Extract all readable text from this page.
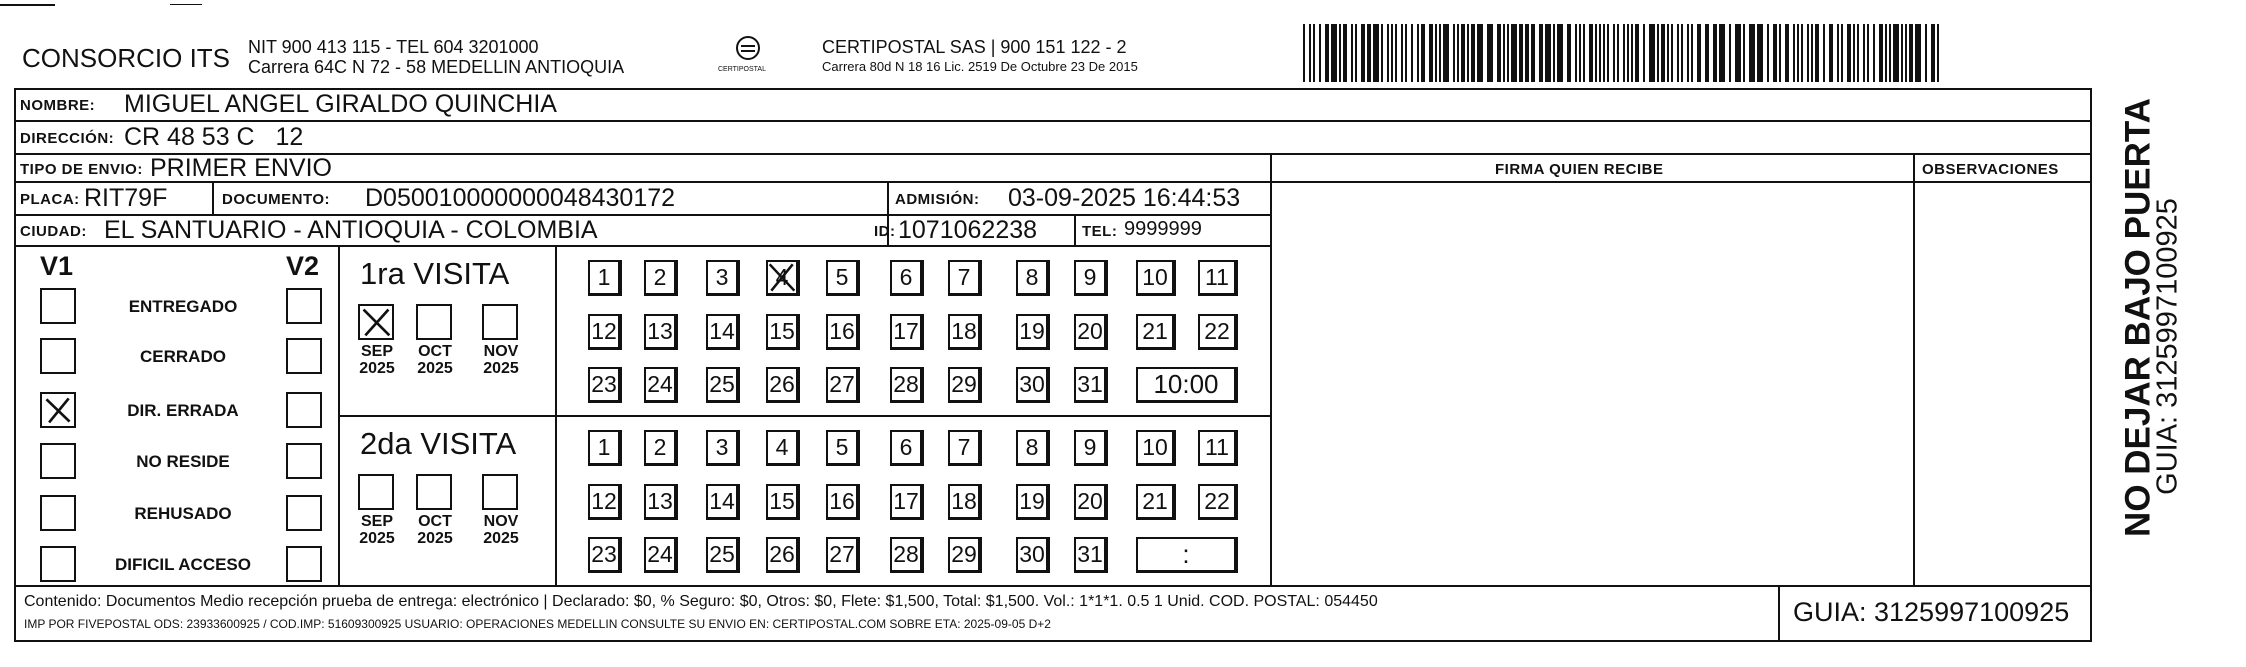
CONSORCIO ITS NIT 900 413 115 - TEL 604 3201000
Carrera 64C N 72 - 58 MEDELLIN ANTIOQUIA	CERTIPOSTAL
CERTIPOSTAL SAS | 900 151 122 - 2
Carrera 80d N 18 16 Lic. 2519 De Octubre 23 De 2015
NOMBRE: MIGUEL ANGEL GIRALDO QUINCHIA
DIRECCIÓN: CR 48 53 C   12
TIPO DE ENVIO: PRIMER ENVIO	FIRMA QUIEN RECIBE	OBSERVACIONES
PLACA: RIT79F	DOCUMENTO: D050010000000048430172	ADMISIÓN: 03-09-2025 16:44:53
CIUDAD: EL SANTUARIO - ANTIOQUIA - COLOMBIA	ID: 1071062238	TEL: 9999999
V1	V2
ENTREGADO
CERRADO
DIR. ERRADA
NO RESIDE
REHUSADO
DIFICIL ACCESO
1ra VISITA
2da VISITA
SEP
2025
OCT
2025
NOV
2025
1	2	3	4	5	6	7	8	9	10	11
12 13 14 15 16 17 18 19 20 21	22
23 24 25 26 27 28 29 30 31	10:00
SEP
2025
OCT
2025
NOV
2025
1	2	3	4	5	6	7	8	9	10	11
12 13 14 15 16 17 18 19 20 21	22
23 24 25 26 27 28 29 30 31	:
Contenido: Documentos Medio recepción prueba de entrega: electrónico | Declarado: $0, % Seguro: $0, Otros: $0, Flete: $1,500, Total: $1,500. Vol.: 1*1*1. 0.5 1 Unid. COD. POSTAL: 054450
IMP POR FIVEPOSTAL ODS: 23933600925 / COD.IMP: 51609300925 USUARIO: OPERACIONES MEDELLIN CONSULTE SU ENVIO EN: CERTIPOSTAL.COM SOBRE ETA: 2025-09-05 D+2	GUIA: 3125997100925
NO DEJAR BAJO PUERTA
GUIA: 3125997100925
